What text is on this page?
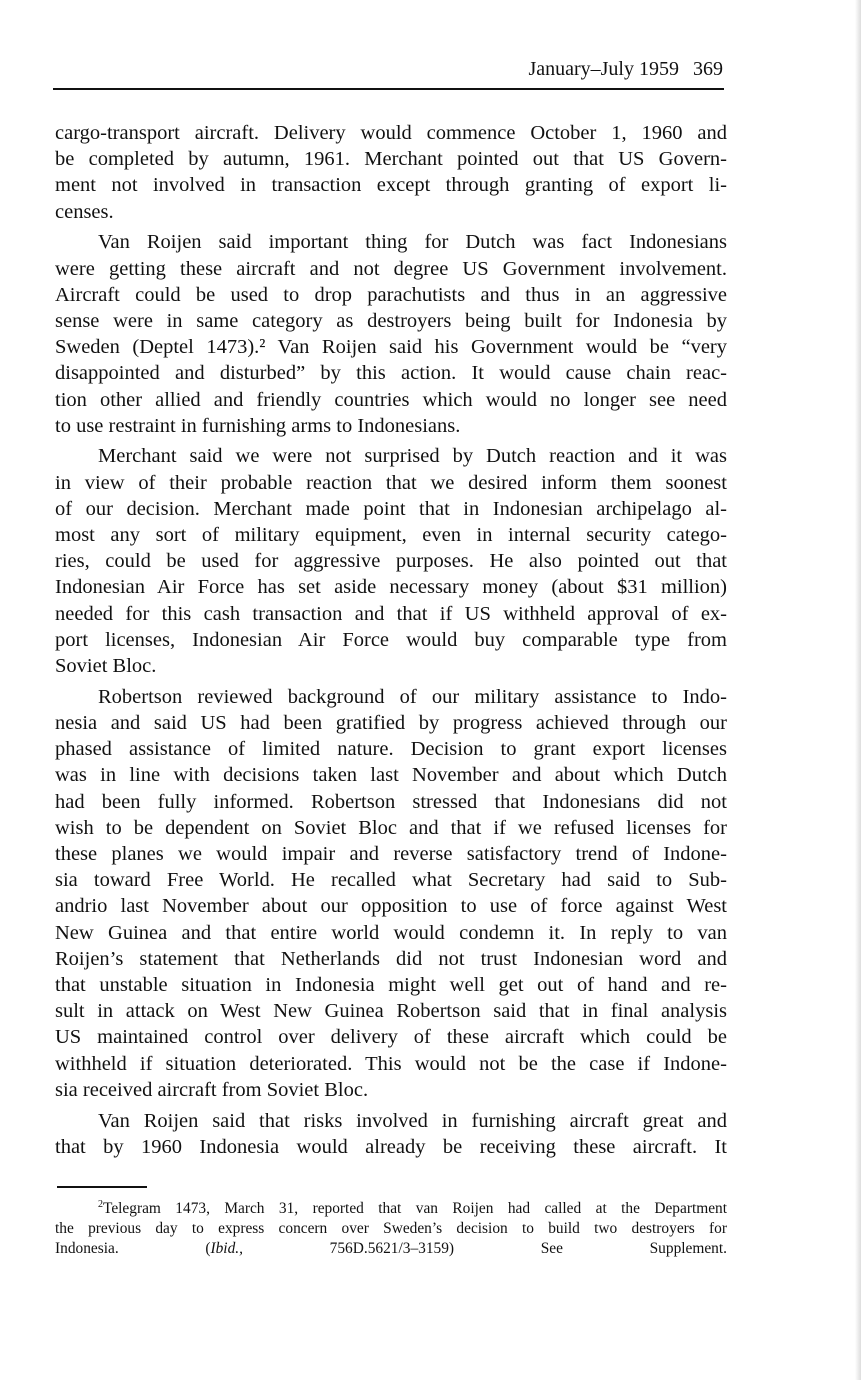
January–July 1959 369
cargo-transport aircraft. Delivery would commence October 1, 1960 and
be completed by autumn, 1961. Merchant pointed out that US Govern-
ment not involved in transaction except through granting of export li-
censes.
Van Roijen said important thing for Dutch was fact Indonesians
were getting these aircraft and not degree US Government involvement.
Aircraft could be used to drop parachutists and thus in an aggressive
sense were in same category as destroyers being built for Indonesia by
Sweden (Deptel 1473).² Van Roijen said his Government would be “very
disappointed and disturbed” by this action. It would cause chain reac-
tion other allied and friendly countries which would no longer see need
to use restraint in furnishing arms to Indonesians.
Merchant said we were not surprised by Dutch reaction and it was
in view of their probable reaction that we desired inform them soonest
of our decision. Merchant made point that in Indonesian archipelago al-
most any sort of military equipment, even in internal security catego-
ries, could be used for aggressive purposes. He also pointed out that
Indonesian Air Force has set aside necessary money (about $31 million)
needed for this cash transaction and that if US withheld approval of ex-
port licenses, Indonesian Air Force would buy comparable type from
Soviet Bloc.
Robertson reviewed background of our military assistance to Indo-
nesia and said US had been gratified by progress achieved through our
phased assistance of limited nature. Decision to grant export licenses
was in line with decisions taken last November and about which Dutch
had been fully informed. Robertson stressed that Indonesians did not
wish to be dependent on Soviet Bloc and that if we refused licenses for
these planes we would impair and reverse satisfactory trend of Indone-
sia toward Free World. He recalled what Secretary had said to Sub-
andrio last November about our opposition to use of force against West
New Guinea and that entire world would condemn it. In reply to van
Roijen’s statement that Netherlands did not trust Indonesian word and
that unstable situation in Indonesia might well get out of hand and re-
sult in attack on West New Guinea Robertson said that in final analysis
US maintained control over delivery of these aircraft which could be
withheld if situation deteriorated. This would not be the case if Indone-
sia received aircraft from Soviet Bloc.
Van Roijen said that risks involved in furnishing aircraft great and
that by 1960 Indonesia would already be receiving these aircraft. It
$^2$Telegram 1473, March 31, reported that van Roijen had called at the Department
the previous day to express concern over Sweden’s decision to build two destroyers for
Indonesia. (Ibid., 756D.5621/3–3159) See Supplement.
